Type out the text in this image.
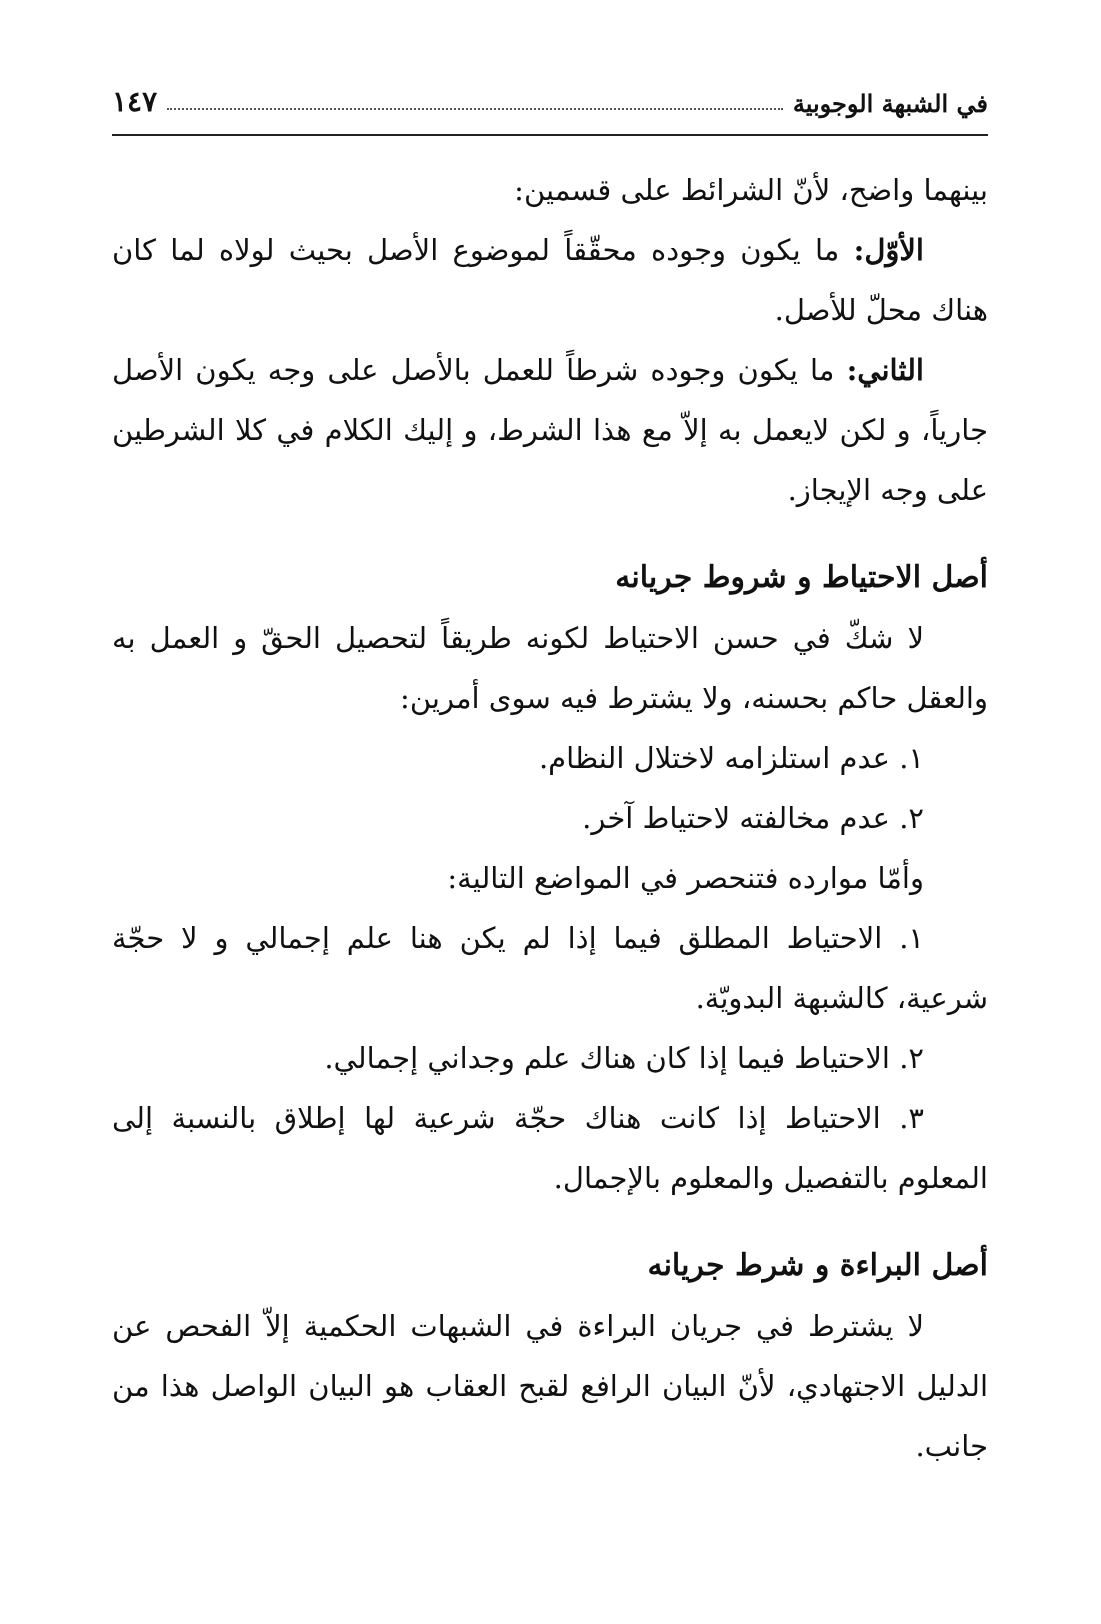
في الشبهة الوجوبية
١٤٧

بينهما واضح، لأنّ الشرائط على قسمين:

الأوّل: ما يكون وجوده محقّقاً لموضوع الأصل بحيث لولاه لما كان هناك محلّ للأصل.

الثاني: ما يكون وجوده شرطاً للعمل بالأصل على وجه يكون الأصل جارياً، و لكن لايعمل به إلاّ مع هذا الشرط، و إليك الكلام في كلا الشرطين على وجه الإيجاز.

أصل الاحتياط و شروط جريانه

لا شكّ في حسن الاحتياط لكونه طريقاً لتحصيل الحقّ و العمل به والعقل حاكم بحسنه، ولا يشترط فيه سوى أمرين:

١. عدم استلزامه لاختلال النظام.

٢. عدم مخالفته لاحتياط آخر.

وأمّا موارده فتنحصر في المواضع التالية:

١. الاحتياط المطلق فيما إذا لم يكن هنا علم إجمالي و لا حجّة شرعية، كالشبهة البدويّة.

٢. الاحتياط فيما إذا كان هناك علم وجداني إجمالي.

٣. الاحتياط إذا كانت هناك حجّة شرعية لها إطلاق بالنسبة إلى المعلوم بالتفصيل والمعلوم بالإجمال.

أصل البراءة و شرط جريانه

لا يشترط في جريان البراءة في الشبهات الحكمية إلاّ الفحص عن الدليل الاجتهادي، لأنّ البيان الرافع لقبح العقاب هو البيان الواصل هذا من جانب.
